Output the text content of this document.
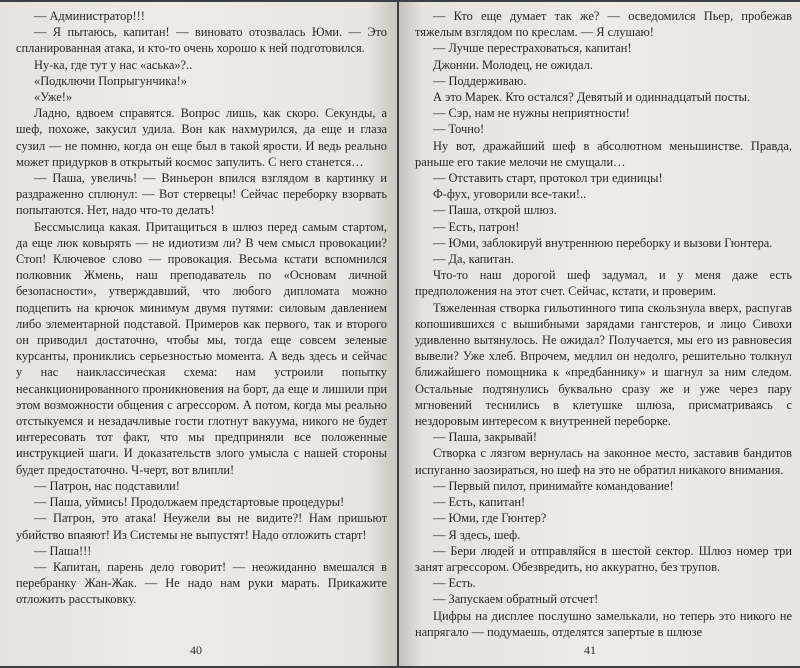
— Администратор!!!

— Я пытаюсь, капитан! — виновато отозвалась Юми. — Это спланированная атака, и кто-то очень хорошо к ней подготовился.

Ну-ка, где тут у нас «аська»?..

«Подключи Попрыгунчика!»

«Уже!»

Ладно, вдвоем справятся. Вопрос лишь, как скоро. Секунды, а шеф, похоже, закусил удила. Вон как нахмурился, да еще и глаза сузил — не помню, когда он еще был в такой ярости. И ведь реально может придурков в открытый космос запулить. С него станется…

— Паша, увеличь! — Виньерон впился взглядом в картинку и раздраженно сплюнул: — Вот стервецы! Сейчас переборку взорвать попытаются. Нет, надо что-то делать!

Бессмыслица какая. Притащиться в шлюз перед самым стартом, да еще люк ковырять — не идиотизм ли? В чем смысл провокации? Стоп! Ключевое слово — провокация. Весьма кстати вспомнился полковник Жмень, наш преподаватель по «Основам личной безопасности», утверждавший, что любого дипломата можно подцепить на крючок минимум двумя путями: силовым давлением либо элементарной подставой. Примеров как первого, так и второго он приводил достаточно, чтобы мы, тогда еще совсем зеленые курсанты, прониклись серьезностью момента. А ведь здесь и сейчас у нас наиклассическая схема: нам устроили попытку несанкционированного проникновения на борт, да еще и лишили при этом возможности общения с агрессором. А потом, когда мы реально отстыкуемся и незадачливые гости глотнут вакуума, никого не будет интересовать тот факт, что мы предприняли все положенные инструкцией шаги. И доказательств злого умысла с нашей стороны будет предостаточно. Ч-черт, вот влипли!

— Патрон, нас подставили!

— Паша, уймись! Продолжаем предстартовые процедуры!

— Патрон, это атака! Неужели вы не видите?! Нам пришьют убийство впаяют! Из Системы не выпустят! Надо отложить старт!

— Паша!!!

— Капитан, парень дело говорит! — неожиданно вмешался в перебранку Жан-Жак. — Не надо нам руки марать. Прикажите отложить расстыковку.

40

— Кто еще думает так же? — осведомился Пьер, пробежав тяжелым взглядом по креслам. — Я слушаю!

— Лучше перестраховаться, капитан!

Джонни. Молодец, не ожидал.

— Поддерживаю.

А это Марек. Кто остался? Девятый и одиннадцатый посты.

— Сэр, нам не нужны неприятности!

— Точно!

Ну вот, дражайший шеф в абсолютном меньшинстве. Правда, раньше его такие мелочи не смущали…

— Отставить старт, протокол три единицы!

Ф-фух, уговорили все-таки!..

— Паша, открой шлюз.

— Есть, патрон!

— Юми, заблокируй внутреннюю переборку и вызови Гюнтера.

— Да, капитан.

Что-то наш дорогой шеф задумал, и у меня даже есть предположения на этот счет. Сейчас, кстати, и проверим.

Тяжеленная створка гильотинного типа скользнула вверх, распугав копошившихся с вышибными зарядами гангстеров, и лицо Сивохи удивленно вытянулось. Не ожидал? Получается, мы его из равновесия вывели? Уже хлеб. Впрочем, медлил он недолго, решительно толкнул ближайшего помощника к «предбаннику» и шагнул за ним следом. Остальные подтянулись буквально сразу же и уже через пару мгновений теснились в клетушке шлюза, присматриваясь с нездоровым интересом к внутренней переборке.

— Паша, закрывай!

Створка с лязгом вернулась на законное место, заставив бандитов испуганно заозираться, но шеф на это не обратил никакого внимания.

— Первый пилот, принимайте командование!

— Есть, капитан!

— Юми, где Гюнтер?

— Я здесь, шеф.

— Бери людей и отправляйся в шестой сектор. Шлюз номер три занят агрессором. Обезвредить, но аккуратно, без трупов.

— Есть.

— Запускаем обратный отсчет!

Цифры на дисплее послушно замелькали, но теперь это никого не напрягало — подумаешь, отделятся запертые в шлюзе

41
